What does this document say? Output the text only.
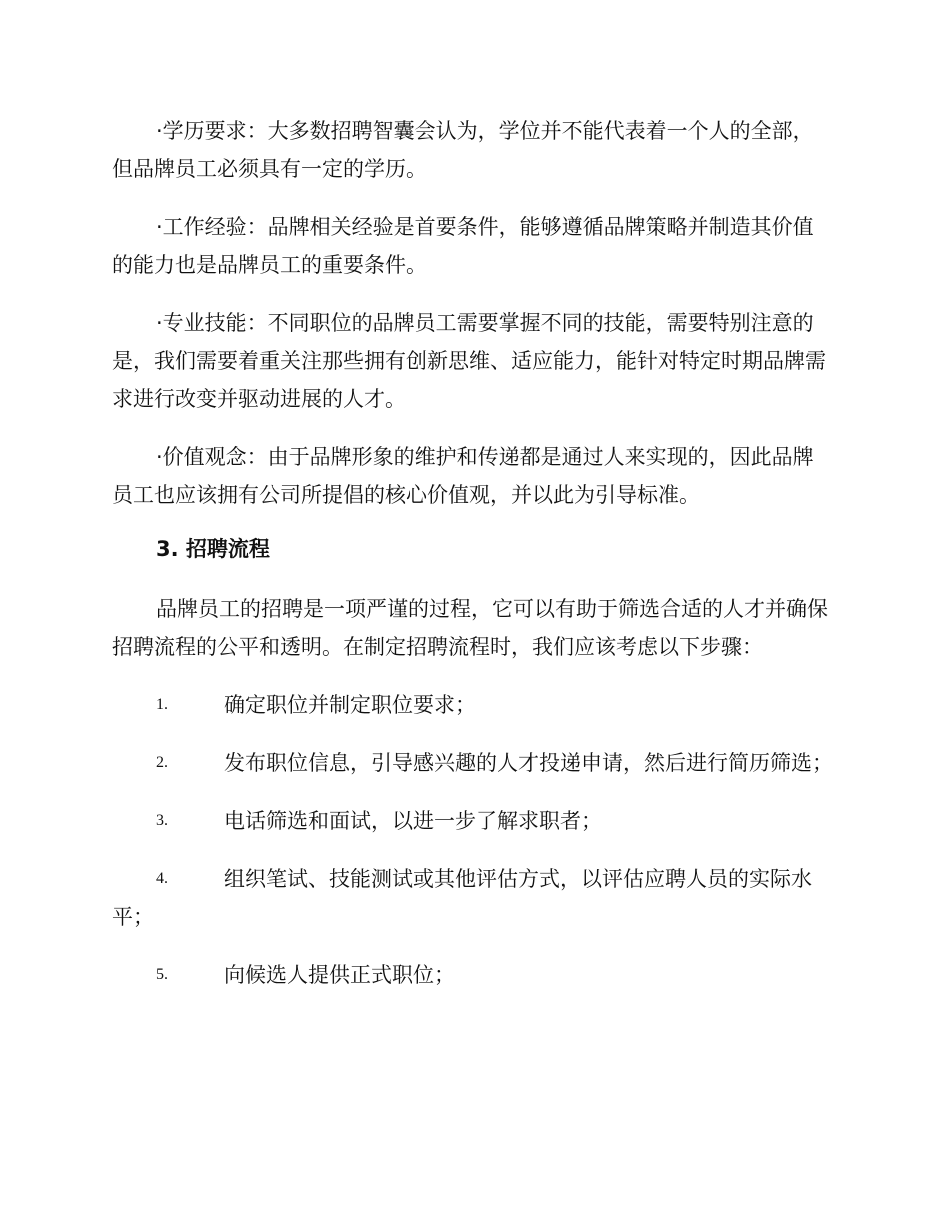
·学历要求：大多数招聘智囊会认为，学位并不能代表着一个人的全部，但品牌员工必须具有一定的学历。

·工作经验：品牌相关经验是首要条件，能够遵循品牌策略并制造其价值的能力也是品牌员工的重要条件。

·专业技能：不同职位的品牌员工需要掌握不同的技能，需要特别注意的是，我们需要着重关注那些拥有创新思维、适应能力，能针对特定时期品牌需求进行改变并驱动进展的人才。

·价值观念：由于品牌形象的维护和传递都是通过人来实现的，因此品牌员工也应该拥有公司所提倡的核心价值观，并以此为引导标准。

3. 招聘流程

品牌员工的招聘是一项严谨的过程，它可以有助于筛选合适的人才并确保招聘流程的公平和透明。在制定招聘流程时，我们应该考虑以下步骤：

1.	确定职位并制定职位要求；
2.	发布职位信息，引导感兴趣的人才投递申请，然后进行简历筛选；
3.	电话筛选和面试，以进一步了解求职者；
4.	组织笔试、技能测试或其他评估方式，以评估应聘人员的实际水平；
5.	向候选人提供正式职位；
